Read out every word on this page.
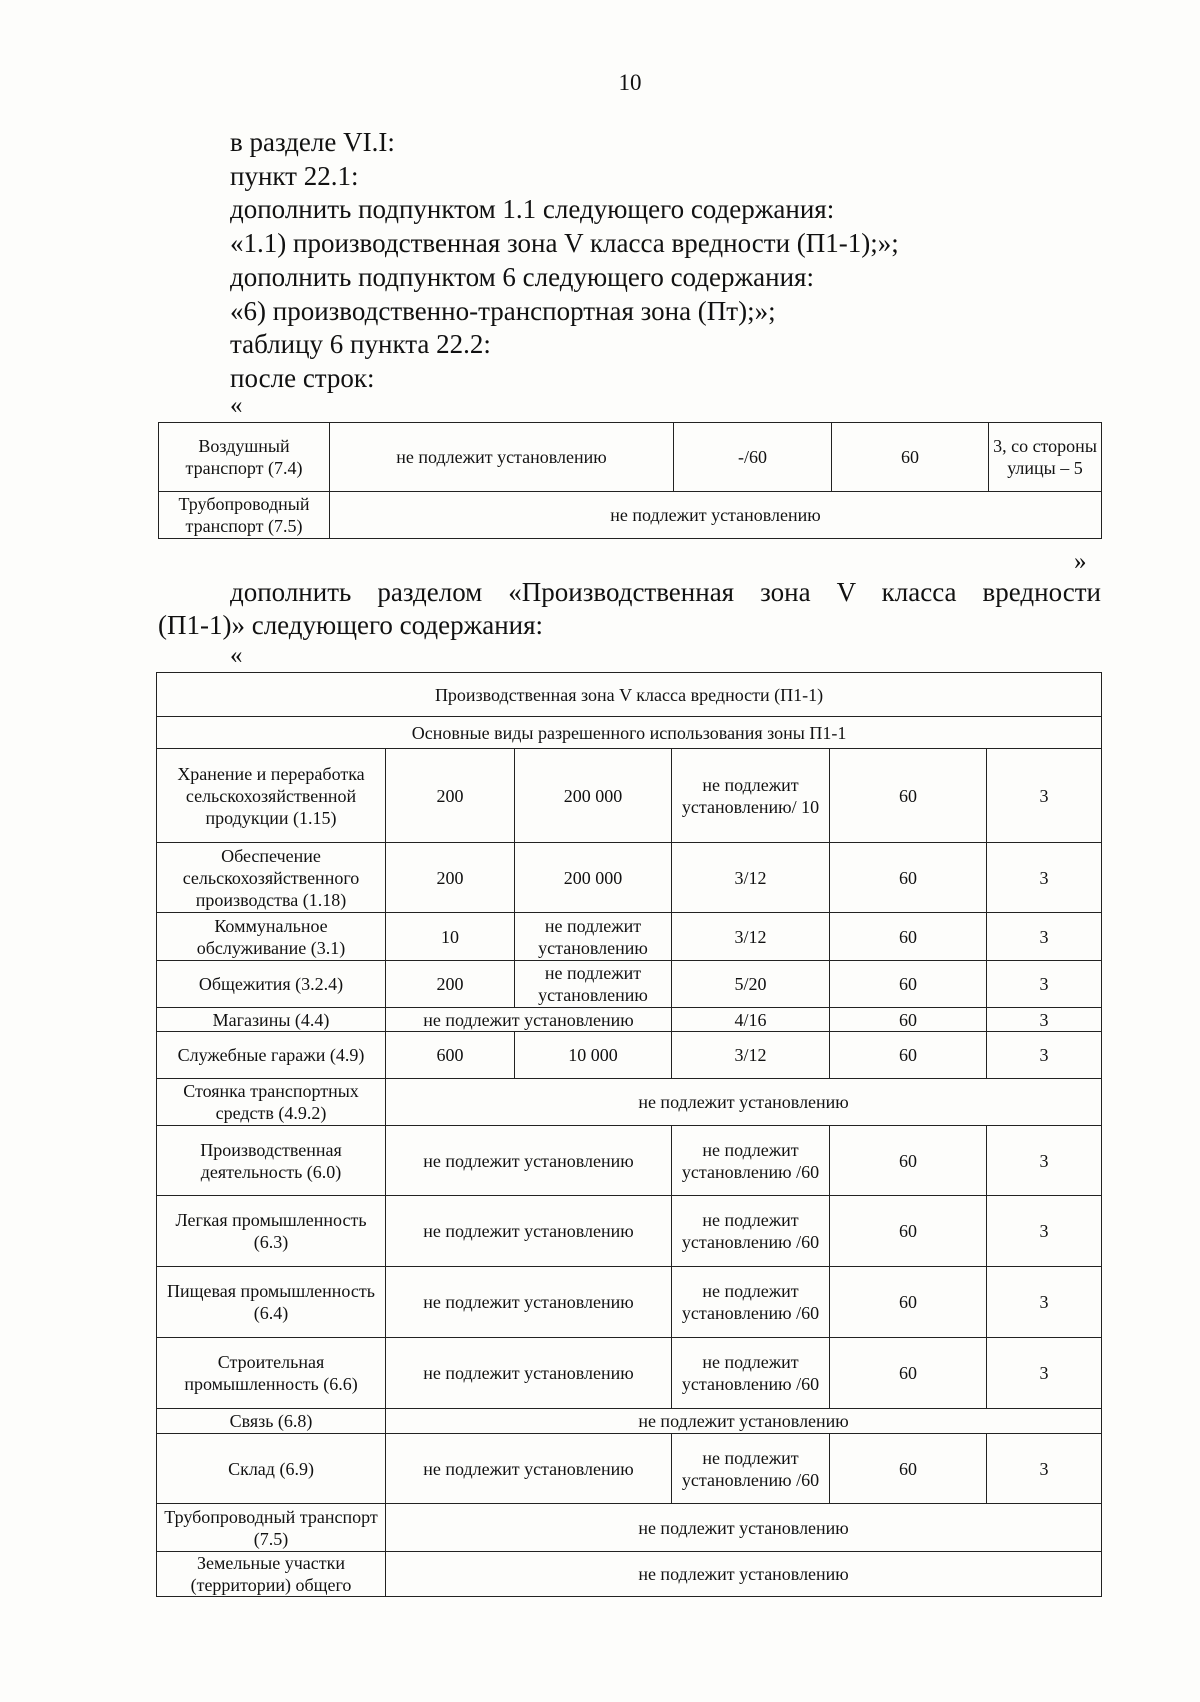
10
в разделе VI.I:
пункт 22.1:
дополнить подпунктом 1.1 следующего содержания:
«1.1) производственная зона V класса вредности (П1-1);»;
дополнить подпунктом 6 следующего содержания:
«6) производственно-транспортная зона (Пт);»;
таблицу 6 пункта 22.2:
после строк:
«
Воздушный транспорт (7.4)	не подлежит установлению	-/60	60	3, со стороны улицы – 5
Трубопроводный транспорт (7.5)	не подлежит установлению			
»
дополнить разделом «Производственная зона V класса вредности
(П1-1)» следующего содержания:
«
Производственная зона V класса вредности (П1-1)					
Основные виды разрешенного использования зоны П1-1					
Хранение и переработка сельскохозяйственной продукции (1.15)	200	200 000	не подлежит установлению/ 10	60	3
Обеспечение сельскохозяйственного производства (1.18)	200	200 000	3/12	60	3
Коммунальное обслуживание (3.1)	10	не подлежит установлению	3/12	60	3
Общежития (3.2.4)	200	не подлежит установлению	5/20	60	3
Магазины (4.4)	не подлежит установлению		4/16	60	3
Служебные гаражи (4.9)	600	10 000	3/12	60	3
Стоянка транспортных средств (4.9.2)	не подлежит установлению				
Производственная деятельность (6.0)	не подлежит установлению		не подлежит установлению /60	60	3
Легкая промышленность (6.3)	не подлежит установлению		не подлежит установлению /60	60	3
Пищевая промышленность (6.4)	не подлежит установлению		не подлежит установлению /60	60	3
Строительная промышленность (6.6)	не подлежит установлению		не подлежит установлению /60	60	3
Связь (6.8)	не подлежит установлению				
Склад (6.9)	не подлежит установлению		не подлежит установлению /60	60	3
Трубопроводный транспорт (7.5)	не подлежит установлению				
Земельные участки (территории) общего	не подлежит установлению				
